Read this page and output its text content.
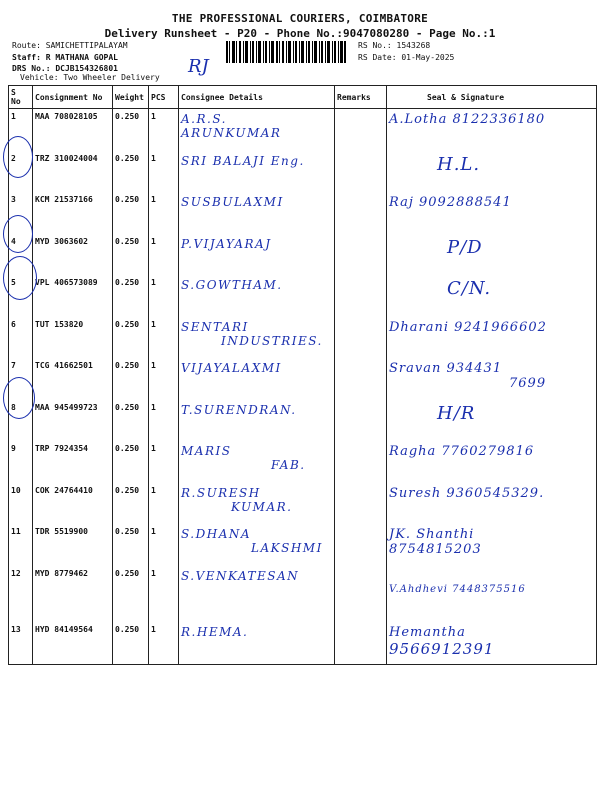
THE PROFESSIONAL COURIERS, COIMBATORE
Delivery Runsheet - P20 - Phone No.:9047080280 - Page No.:1
Route: SAMICHETTIPALAYAM
Staff: R MATHANA GOPAL
DRS No.: DCJB154326801
Vehicle: Two Wheeler Delivery
RS No.: 1543268
RS Date: 01-May-2025
RJ
S No	Consignment No	Weight	PCS	Consignee Details	Remarks	Seal & Signature
1	MAA 708028105	0.250	1	A.R.S.
ARUNKUMAR		A.Lotha 8122336180

2	TRZ 310024004	0.250	1	SRI BALAJI Eng.		H.L.

3	KCM 21537166	0.250	1	SUSBULAXMI		Raj 9092888541

4	MYD 3063602	0.250	1	P.VIJAYARAJ		P/D

5	VPL 406573089	0.250	1	S.GOWTHAM.		C/N.

6	TUT 153820	0.250	1	SENTARI
INDUSTRIES.		Dharani 9241966602

7	TCG 41662501	0.250	1	VIJAYALAXMI		Sravan 934431
7699

8	MAA 945499723	0.250	1	T.SURENDRAN.		H/R

9	TRP 7924354	0.250	1	MARIS
FAB.		Ragha 7760279816

10	COK 24764410	0.250	1	R.SURESH
KUMAR.		Suresh 9360545329.

11	TDR 5519900	0.250	1	S.DHANA
LAKSHMI		JK. Shanthi
8754815203

12	MYD 8779462	0.250	1	S.VENKATESAN		V.Ahdhevi 7448375516

13	HYD 84149564	0.250	1	R.HEMA.		Hemantha
9566912391
